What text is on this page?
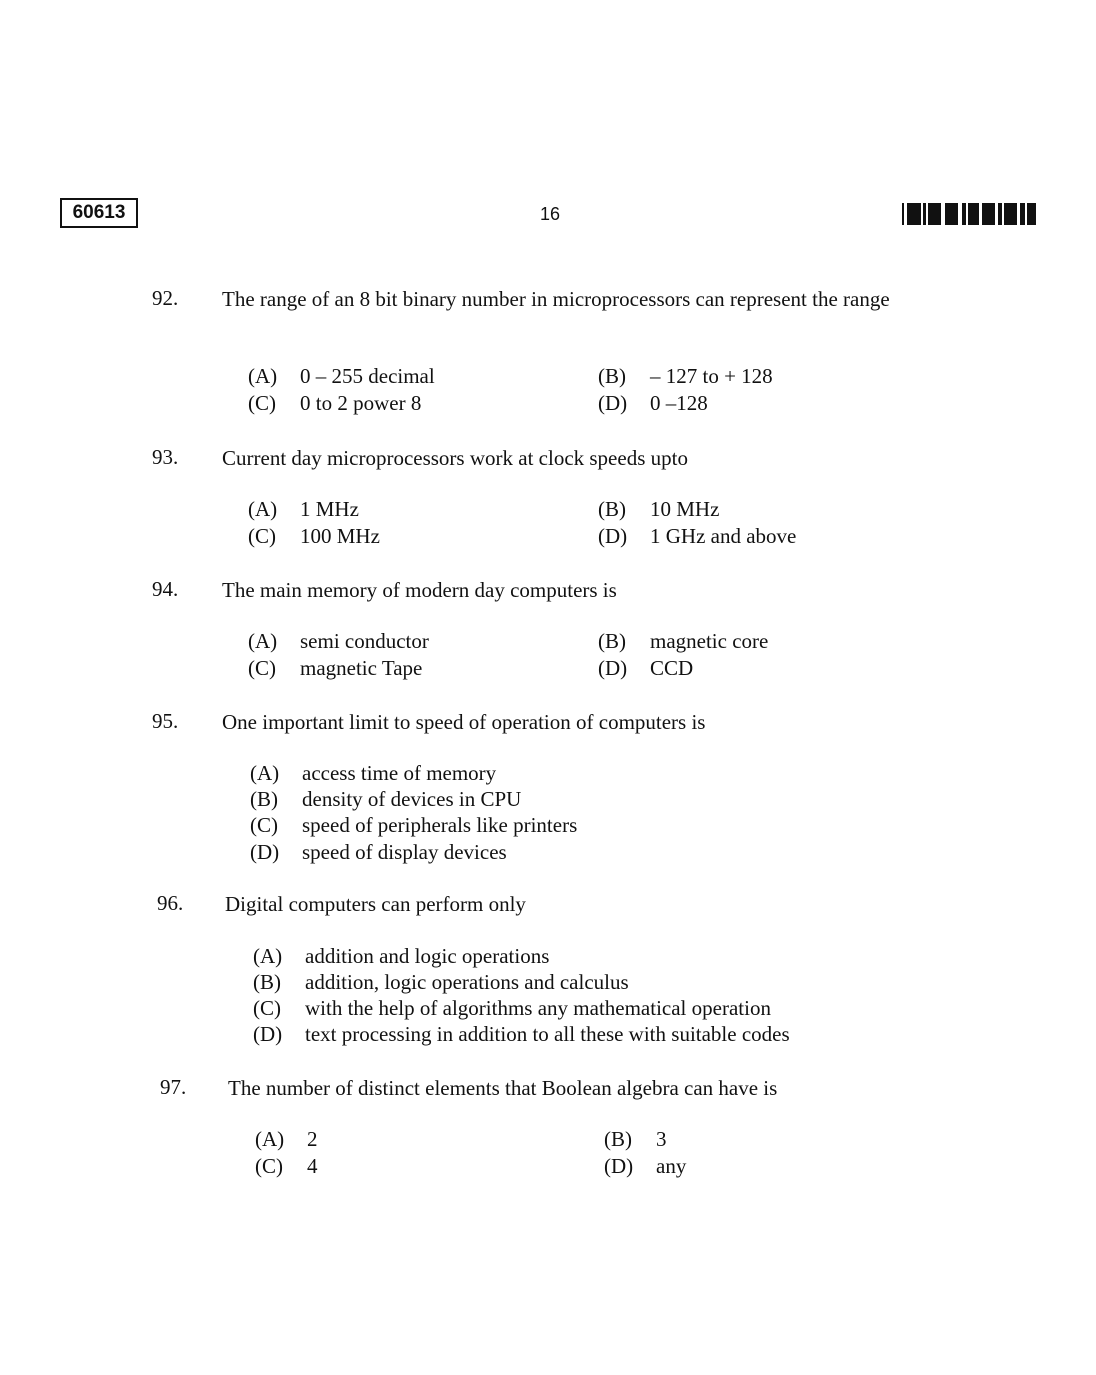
60613	16
92. The range of an 8 bit binary number in microprocessors can represent the range
(A) 0 – 255 decimal	(B) – 127 to + 128
(C) 0 to 2 power 8	(D) 0 –128
93. Current day microprocessors work at clock speeds upto
(A) 1 MHz	(B) 10 MHz
(C) 100 MHz	(D) 1 GHz and above
94. The main memory of modern day computers is
(A) semi conductor	(B) magnetic core
(C) magnetic Tape	(D) CCD
95. One important limit to speed of operation of computers is
(A) access time of memory
(B) density of devices in CPU
(C) speed of peripherals like printers
(D) speed of display devices
96. Digital computers can perform only
(A) addition and logic operations
(B) addition, logic operations and calculus
(C) with the help of algorithms any mathematical operation
(D) text processing in addition to all these with suitable codes
97. The number of distinct elements that Boolean algebra can have is
(A) 2	(B) 3
(C) 4	(D) any
